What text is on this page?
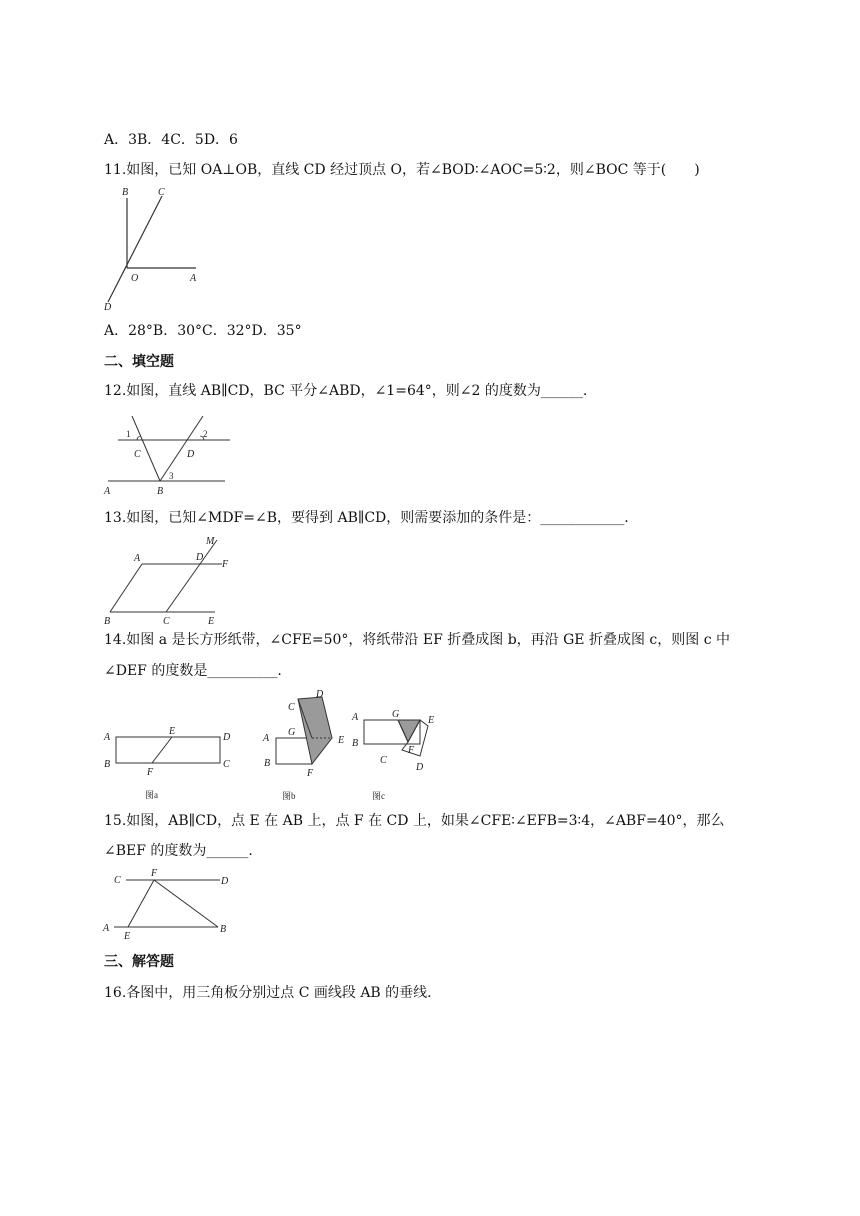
A．3B．4C．5D．6
11.如图，已知 OA⊥OB，直线 CD 经过顶点 O，若∠BOD∶∠AOC=5∶2，则∠BOC 等于(　　)
B	C
O	A
D
A．28°B．30°C．32°D．35°
二、填空题
12.如图，直线 AB∥CD，BC 平分∠ABD，∠1=64°，则∠2 的度数为______.
1	2
C	D
3
A	B
13.如图，已知∠MDF=∠B，要得到 AB∥CD，则需要添加的条件是：____________.
M
A	D
F
B	C	E
14.如图 a 是长方形纸带，∠CFE=50°，将纸带沿 EF 折叠成图 b，再沿 GE 折叠成图 c，则图 c 中
∠DEF 的度数是__________.
A
E
D
B
F
C
图a
C
D
A
G
E
B
F
图b
A	G
E
F
B
C
D
图c
15.如图，AB∥CD，点 E 在 AB 上，点 F 在 CD 上，如果∠CFE∶∠EFB=3∶4，∠ABF=40°，那么
∠BEF 的度数为______.
C
F
D
A
E
B
三、解答题
16.各图中，用三角板分别过点 C 画线段 AB 的垂线.
